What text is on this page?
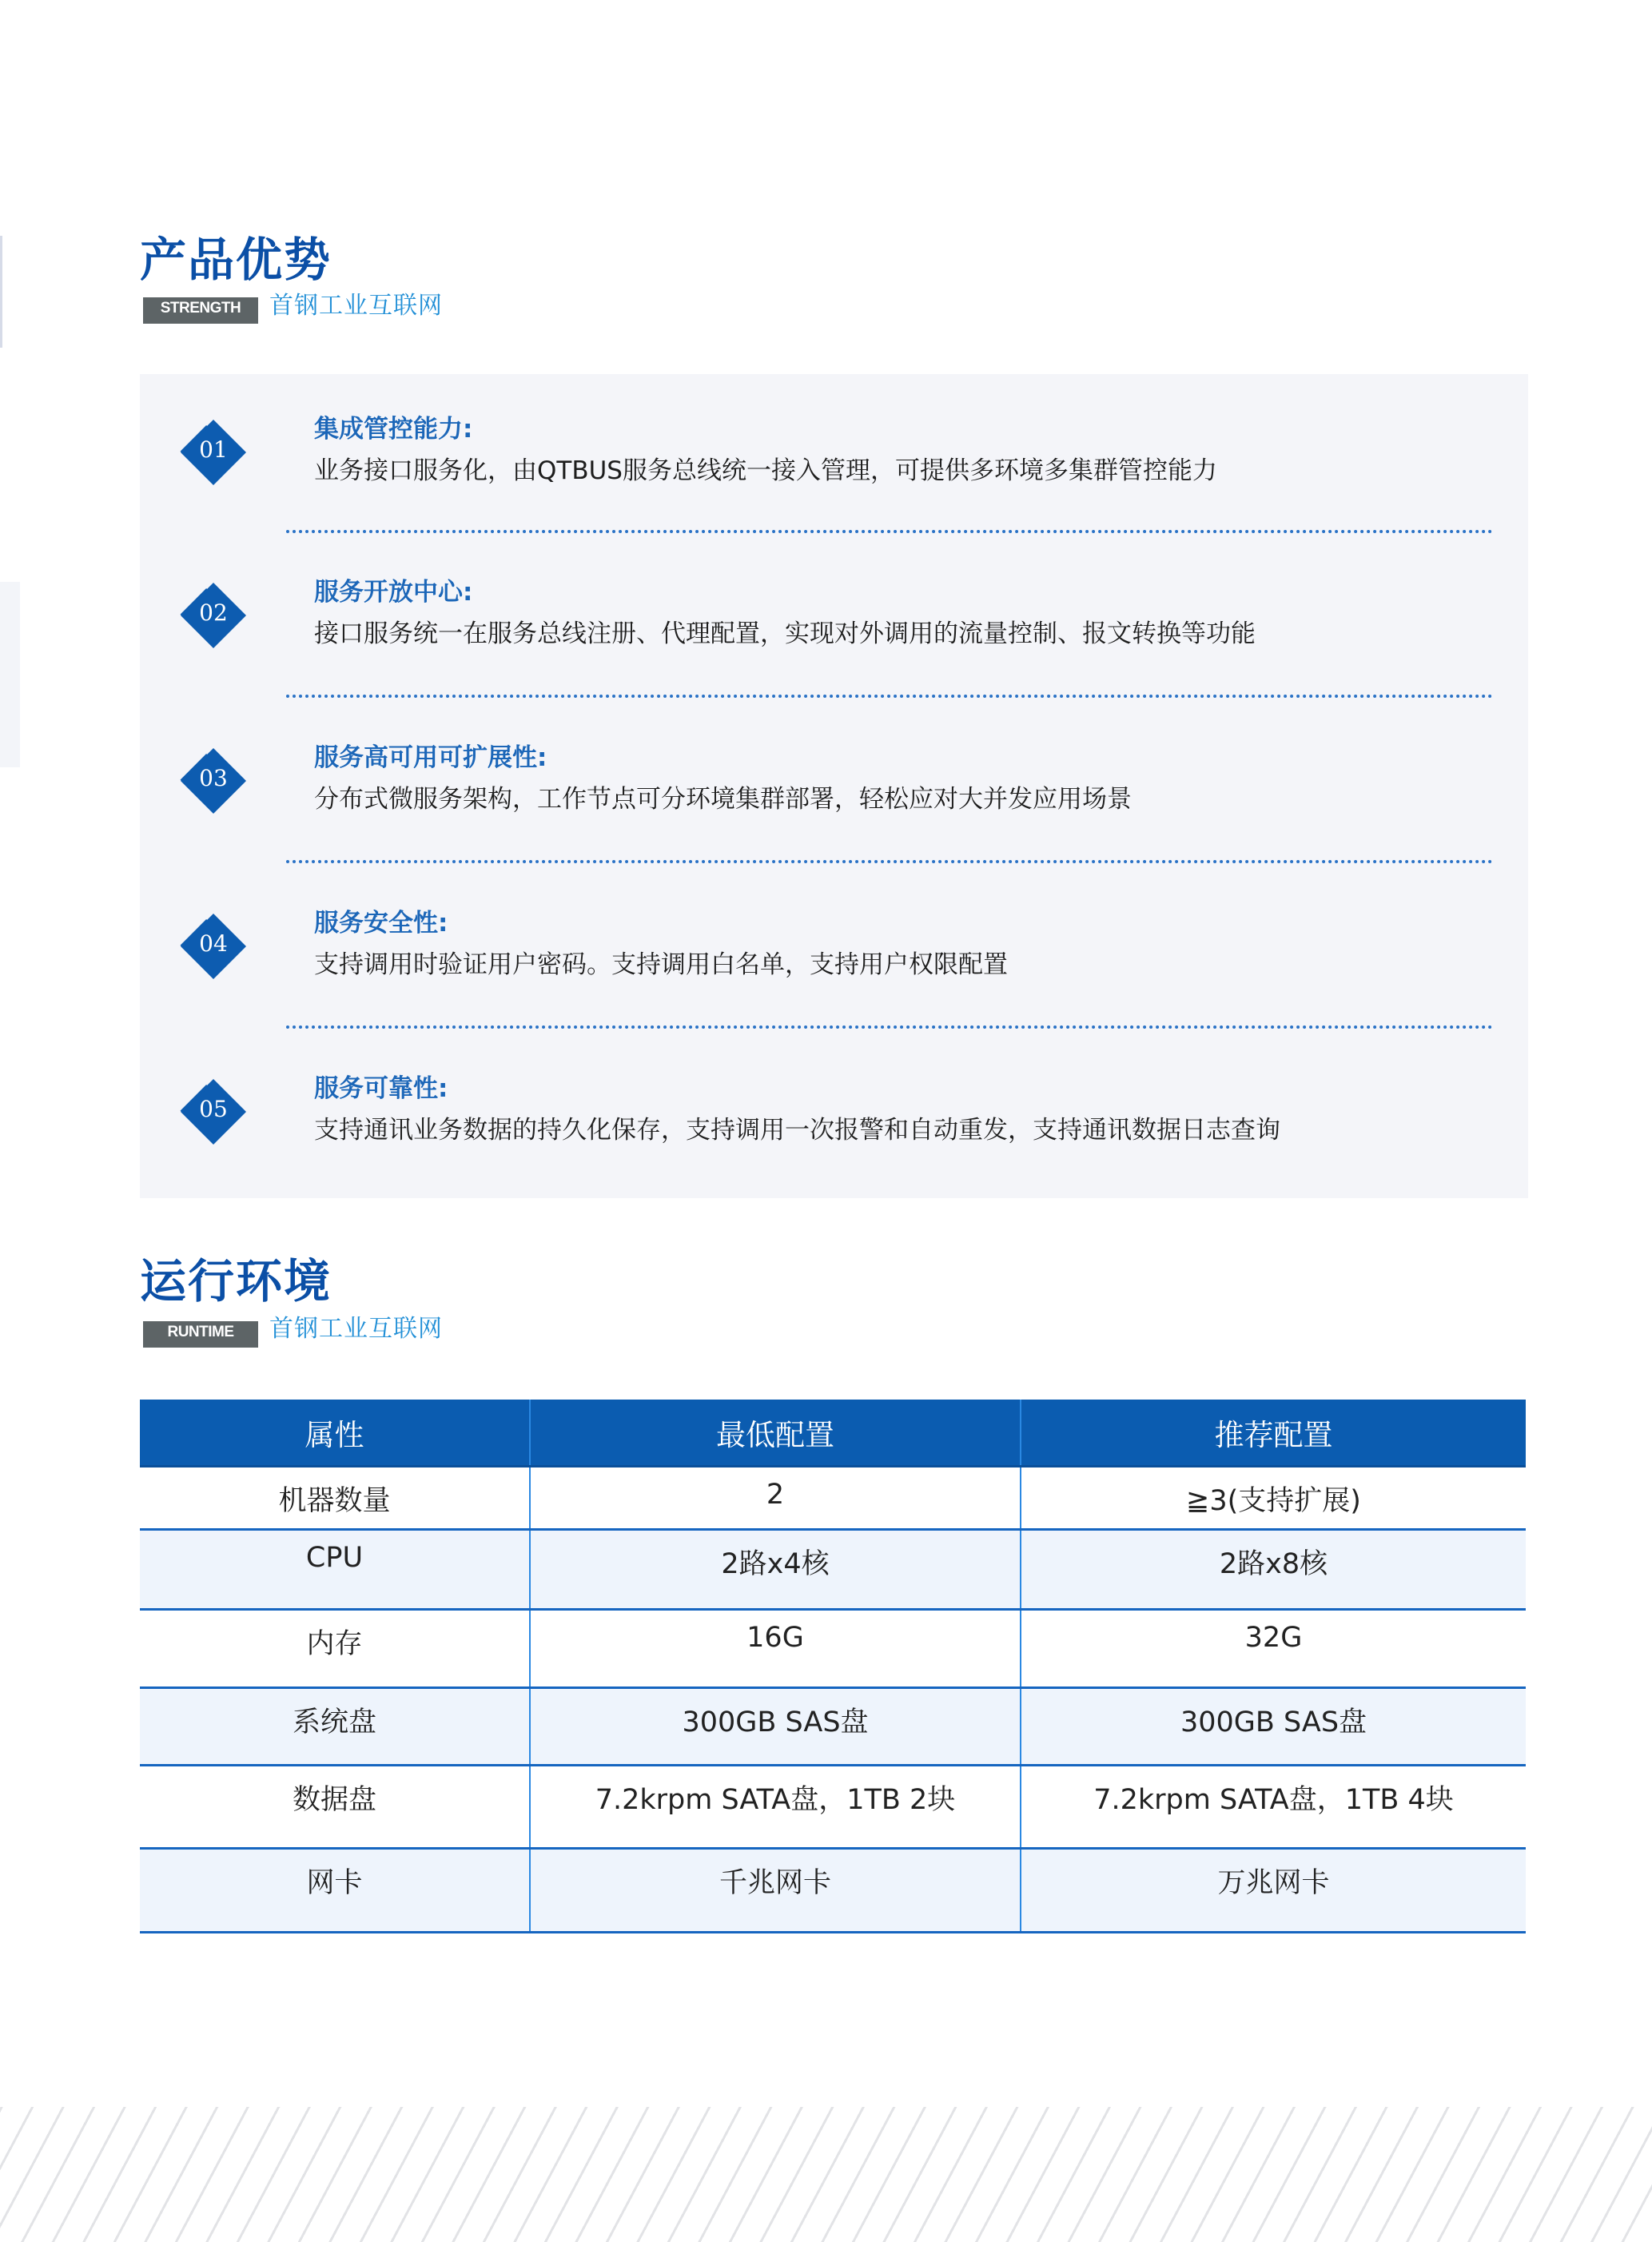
产品优势
STRENGTH	首钢工业互联网
01
集成管控能力:
业务接口服务化，由QTBUS服务总线统一接入管理，可提供多环境多集群管控能力
02
服务开放中心:
接口服务统一在服务总线注册、代理配置，实现对外调用的流量控制、报文转换等功能
03
服务高可用可扩展性:
分布式微服务架构，工作节点可分环境集群部署，轻松应对大并发应用场景
04
服务安全性:
支持调用时验证用户密码。支持调用白名单，支持用户权限配置
05
服务可靠性:
支持通讯业务数据的持久化保存，支持调用一次报警和自动重发，支持通讯数据日志查询
运行环境
RUNTIME	首钢工业互联网
属性	最低配置	推荐配置
机器数量	2	≧3(支持扩展)
CPU	2路x4核	2路x8核
内存	16G	32G
系统盘	300GB SAS盘	300GB SAS盘
数据盘	7.2krpm SATA盘，1TB 2块	7.2krpm SATA盘，1TB 4块
网卡	千兆网卡	万兆网卡
